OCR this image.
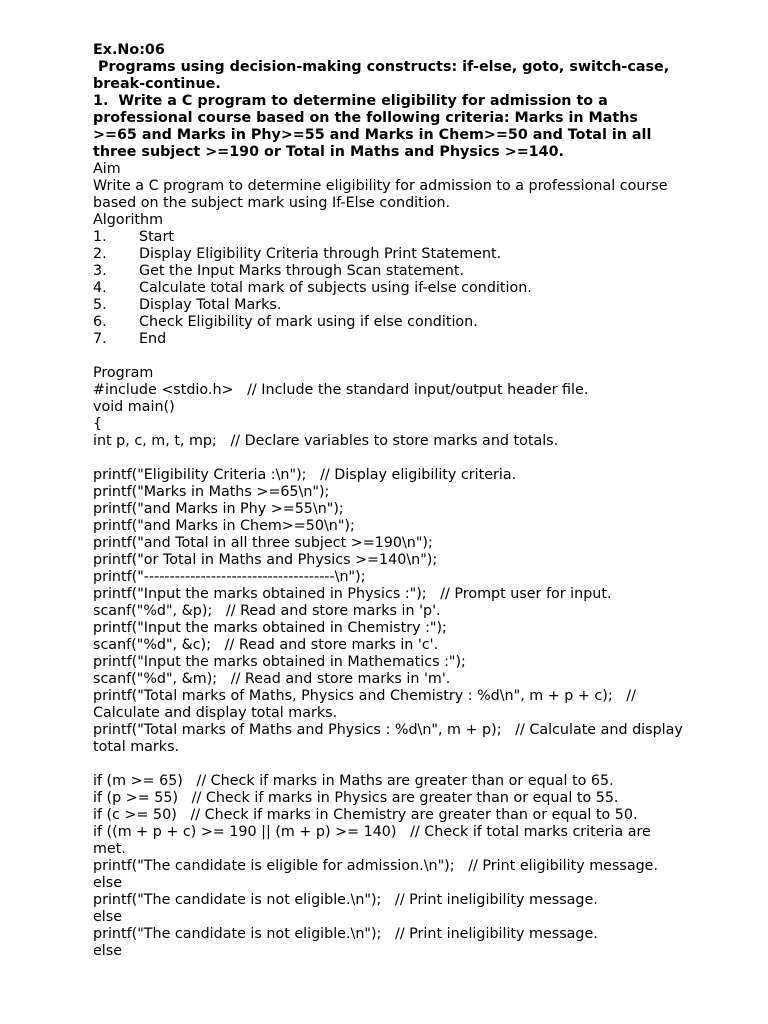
Ex.No:06
Programs using decision-making constructs: if-else, goto, switch-case, break-continue.
1.  Write a C program to determine eligibility for admission to a professional course based on the following criteria: Marks in Maths >=65 and Marks in Phy>=55 and Marks in Chem>=50 and Total in all three subject >=190 or Total in Maths and Physics >=140.
Aim
Write a C program to determine eligibility for admission to a professional course based on the subject mark using If-Else condition.
Algorithm
1.	Start
2.	Display Eligibility Criteria through Print Statement.
3.	Get the Input Marks through Scan statement.
4.	Calculate total mark of subjects using if-else condition.
5.	Display Total Marks.
6.	Check Eligibility of mark using if else condition.
7.	End
Program
#include <stdio.h>   // Include the standard input/output header file.
void main()
{
int p, c, m, t, mp;   // Declare variables to store marks and totals.
printf("Eligibility Criteria :\n");   // Display eligibility criteria.
printf("Marks in Maths >=65\n");
printf("and Marks in Phy >=55\n");
printf("and Marks in Chem>=50\n");
printf("and Total in all three subject >=190\n");
printf("or Total in Maths and Physics >=140\n");
printf("-------------------------------------\n");
printf("Input the marks obtained in Physics :");   // Prompt user for input.
scanf("%d", &p);   // Read and store marks in 'p'.
printf("Input the marks obtained in Chemistry :");
scanf("%d", &c);   // Read and store marks in 'c'.
printf("Input the marks obtained in Mathematics :");
scanf("%d", &m);   // Read and store marks in 'm'.
printf("Total marks of Maths, Physics and Chemistry : %d\n", m + p + c);   // Calculate and display total marks.
printf("Total marks of Maths and Physics : %d\n", m + p);   // Calculate and display total marks.
if (m >= 65)   // Check if marks in Maths are greater than or equal to 65.
if (p >= 55)   // Check if marks in Physics are greater than or equal to 55.
if (c >= 50)   // Check if marks in Chemistry are greater than or equal to 50.
if ((m + p + c) >= 190 || (m + p) >= 140)   // Check if total marks criteria are met.
printf("The candidate is eligible for admission.\n");   // Print eligibility message.
else
printf("The candidate is not eligible.\n");   // Print ineligibility message.
else
printf("The candidate is not eligible.\n");   // Print ineligibility message.
else
